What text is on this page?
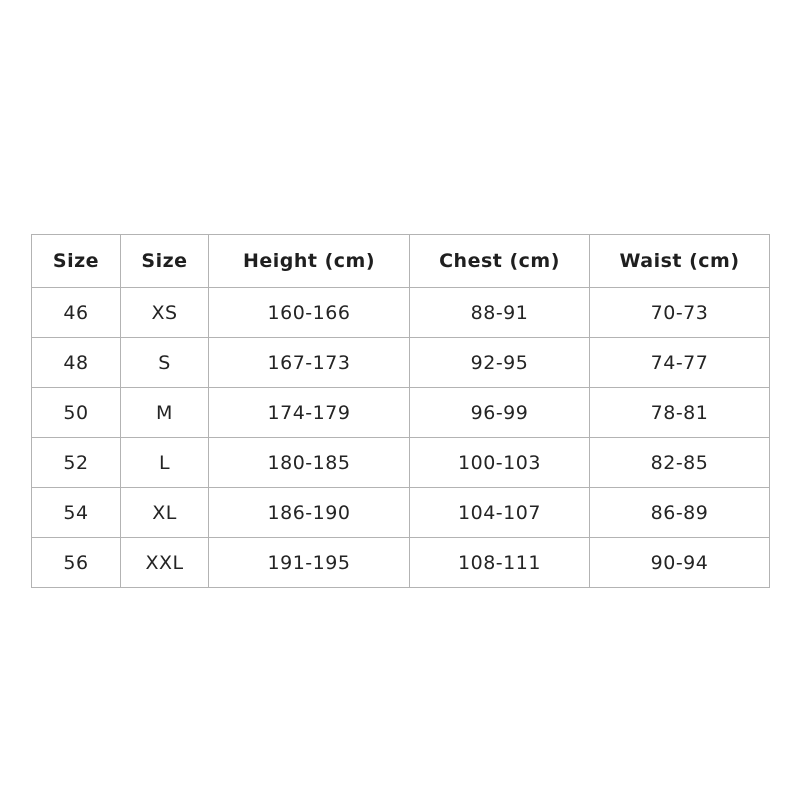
Size	Size	Height (cm)	Chest (cm)	Waist (cm)
46	XS	160-166	88-91	70-73
48	S	167-173	92-95	74-77
50	M	174-179	96-99	78-81
52	L	180-185	100-103	82-85
54	XL	186-190	104-107	86-89
56	XXL	191-195	108-111	90-94
